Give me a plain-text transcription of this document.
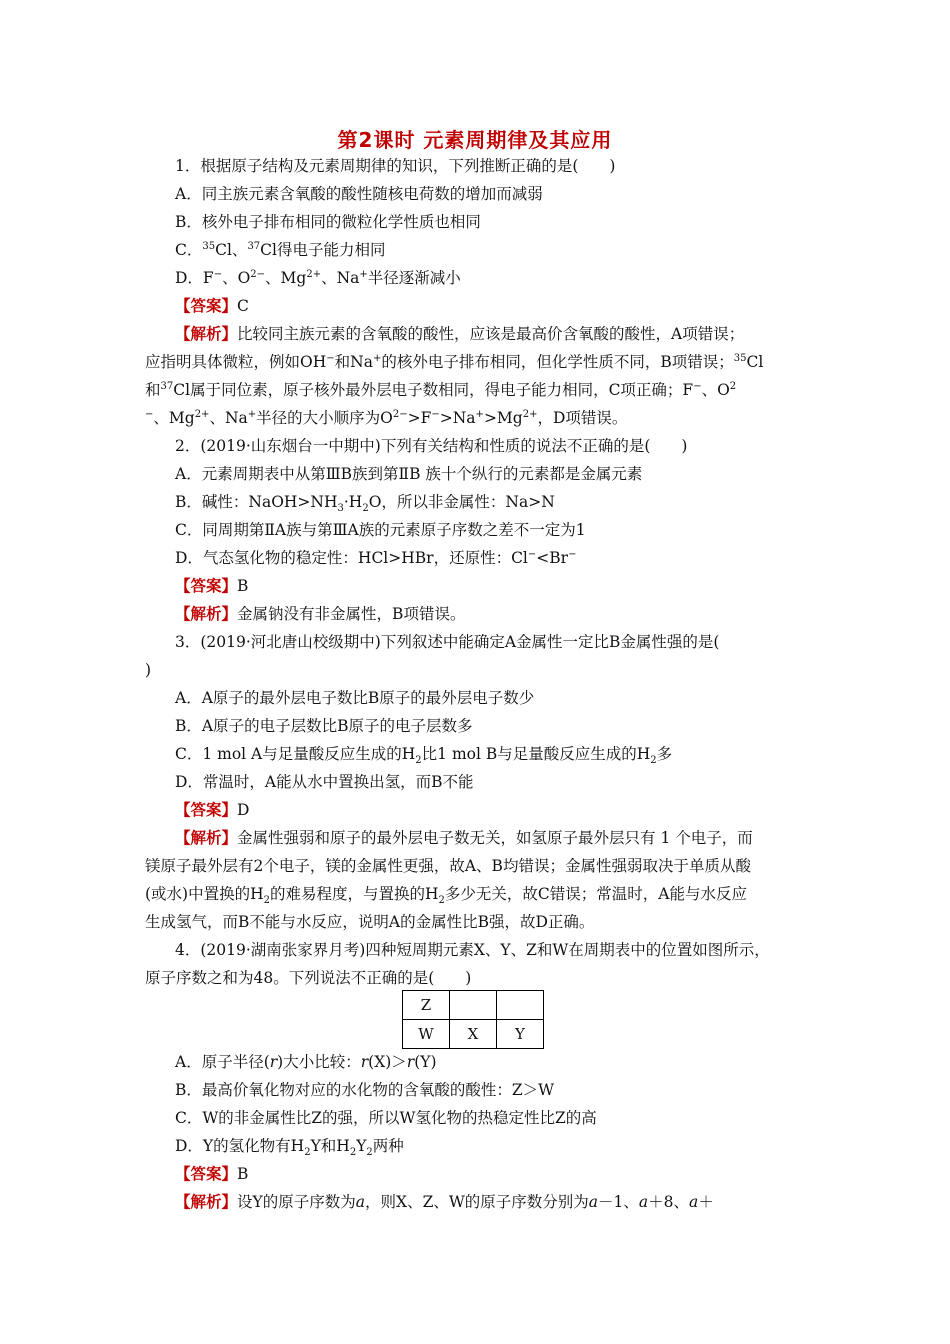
第2课时 元素周期律及其应用
1．根据原子结构及元素周期律的知识，下列推断正确的是(　　)
A．同主族元素含氧酸的酸性随核电荷数的增加而减弱
B．核外电子排布相同的微粒化学性质也相同
C．$^{35}$Cl、$^{37}$Cl得电子能力相同
D．F−、$O^{2-}$、$Mg^{2+}$、Na+半径逐渐减小
【答案】C
【解析】比较同主族元素的含氧酸的酸性，应该是最高价含氧酸的酸性，A项错误；
应指明具体微粒，例如OH−和Na+的核外电子排布相同，但化学性质不同，B项错误；$^{35}$Cl
和$^{37}$Cl属于同位素，原子核外最外层电子数相同，得电子能力相同，C项正确；F−、$O^2$
−、$Mg^{2+}$、Na+半径的大小顺序为$O^{2-}>F^->Na^+>Mg^{2+}$，D项错误。
2．(2019·山东烟台一中期中)下列有关结构和性质的说法不正确的是(　　)
A．元素周期表中从第ⅢB族到第ⅡB 族十个纵行的元素都是金属元素
B．碱性：$NaOH>NH_3\cdot H_2O$，所以非金属性：Na>N
C．同周期第ⅡA族与第ⅢA族的元素原子序数之差不一定为1
D．气态氢化物的稳定性：HCl>HBr，还原性：Cl−<Br−
【答案】B
【解析】金属钠没有非金属性，B项错误。
3．(2019·河北唐山校级期中)下列叙述中能确定A金属性一定比B金属性强的是(
)
A．A原子的最外层电子数比B原子的最外层电子数少
B．A原子的电子层数比B原子的电子层数多
C．1 mol A与足量酸反应生成的$H_2$比1 mol B与足量酸反应生成的$H_2$多
D．常温时，A能从水中置换出氢，而B不能
【答案】D
【解析】金属性强弱和原子的最外层电子数无关，如氢原子最外层只有 1 个电子，而
镁原子最外层有2个电子，镁的金属性更强，故A、B均错误；金属性强弱取决于单质从酸
(或水)中置换的$H_2$的难易程度，与置换的$H_2$多少无关，故C错误；常温时，A能与水反应
生成氢气，而B不能与水反应，说明A的金属性比B强，故D正确。
4．(2019·湖南张家界月考)四种短周期元素X、Y、Z和W在周期表中的位置如图所示，
原子序数之和为48。下列说法不正确的是(　　)
Z		
W	X	Y
A．原子半径(r)大小比较：r(X)＞r(Y)
B．最高价氧化物对应的水化物的含氧酸的酸性：Z＞W
C．W的非金属性比Z的强，所以W氢化物的热稳定性比Z的高
D．Y的氢化物有$H_2Y$和$H_2Y_2$两种
【答案】B
【解析】设Y的原子序数为a，则X、Z、W的原子序数分别为a－1、a＋8、a＋
